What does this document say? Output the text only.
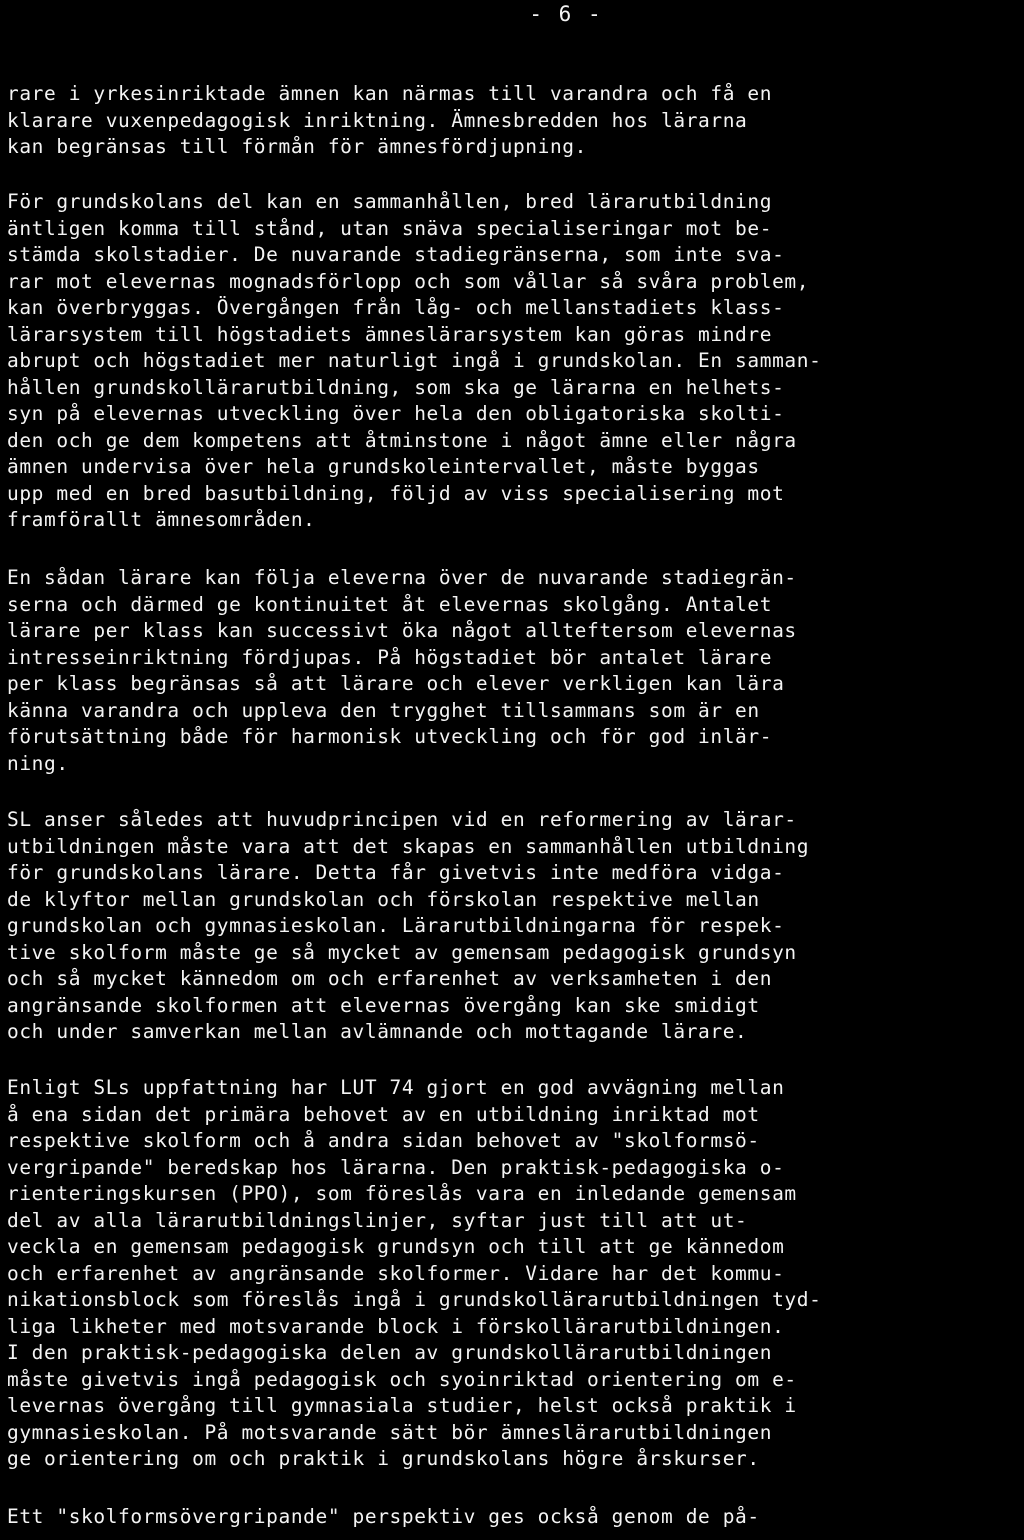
- 6 -
rare i yrkesinriktade ämnen kan närmas till varandra och få en
klarare vuxenpedagogisk inriktning. Ämnesbredden hos lärarna
kan begränsas till förmån för ämnesfördjupning.
För grundskolans del kan en sammanhållen, bred lärarutbildning
äntligen komma till stånd, utan snäva specialiseringar mot be-
stämda skolstadier. De nuvarande stadiegränserna, som inte sva-
rar mot elevernas mognadsförlopp och som vållar så svåra problem,
kan överbryggas. Övergången från låg- och mellanstadiets klass-
lärarsystem till högstadiets ämneslärarsystem kan göras mindre
abrupt och högstadiet mer naturligt ingå i grundskolan. En samman-
hållen grundskollärarutbildning, som ska ge lärarna en helhets-
syn på elevernas utveckling över hela den obligatoriska skolti-
den och ge dem kompetens att åtminstone i något ämne eller några
ämnen undervisa över hela grundskoleintervallet, måste byggas
upp med en bred basutbildning, följd av viss specialisering mot
framförallt ämnesområden.
En sådan lärare kan följa eleverna över de nuvarande stadiegrän-
serna och därmed ge kontinuitet åt elevernas skolgång. Antalet
lärare per klass kan successivt öka något allteftersom elevernas
intresseinriktning fördjupas. På högstadiet bör antalet lärare
per klass begränsas så att lärare och elever verkligen kan lära
känna varandra och uppleva den trygghet tillsammans som är en
förutsättning både för harmonisk utveckling och för god inlär-
ning.
SL anser således att huvudprincipen vid en reformering av lärar-
utbildningen måste vara att det skapas en sammanhållen utbildning
för grundskolans lärare. Detta får givetvis inte medföra vidga-
de klyftor mellan grundskolan och förskolan respektive mellan
grundskolan och gymnasieskolan. Lärarutbildningarna för respek-
tive skolform måste ge så mycket av gemensam pedagogisk grundsyn
och så mycket kännedom om och erfarenhet av verksamheten i den
angränsande skolformen att elevernas övergång kan ske smidigt
och under samverkan mellan avlämnande och mottagande lärare.
Enligt SLs uppfattning har LUT 74 gjort en god avvägning mellan
å ena sidan det primära behovet av en utbildning inriktad mot
respektive skolform och å andra sidan behovet av "skolformsö-
vergripande" beredskap hos lärarna. Den praktisk-pedagogiska o-
rienteringskursen (PPO), som föreslås vara en inledande gemensam
del av alla lärarutbildningslinjer, syftar just till att ut-
veckla en gemensam pedagogisk grundsyn och till att ge kännedom
och erfarenhet av angränsande skolformer. Vidare har det kommu-
nikationsblock som föreslås ingå i grundskollärarutbildningen tyd-
liga likheter med motsvarande block i förskollärarutbildningen.
I den praktisk-pedagogiska delen av grundskollärarutbildningen
måste givetvis ingå pedagogisk och syoinriktad orientering om e-
levernas övergång till gymnasiala studier, helst också praktik i
gymnasieskolan. På motsvarande sätt bör ämneslärarutbildningen
ge orientering om och praktik i grundskolans högre årskurser.
Ett "skolformsövergripande" perspektiv ges också genom de på-
